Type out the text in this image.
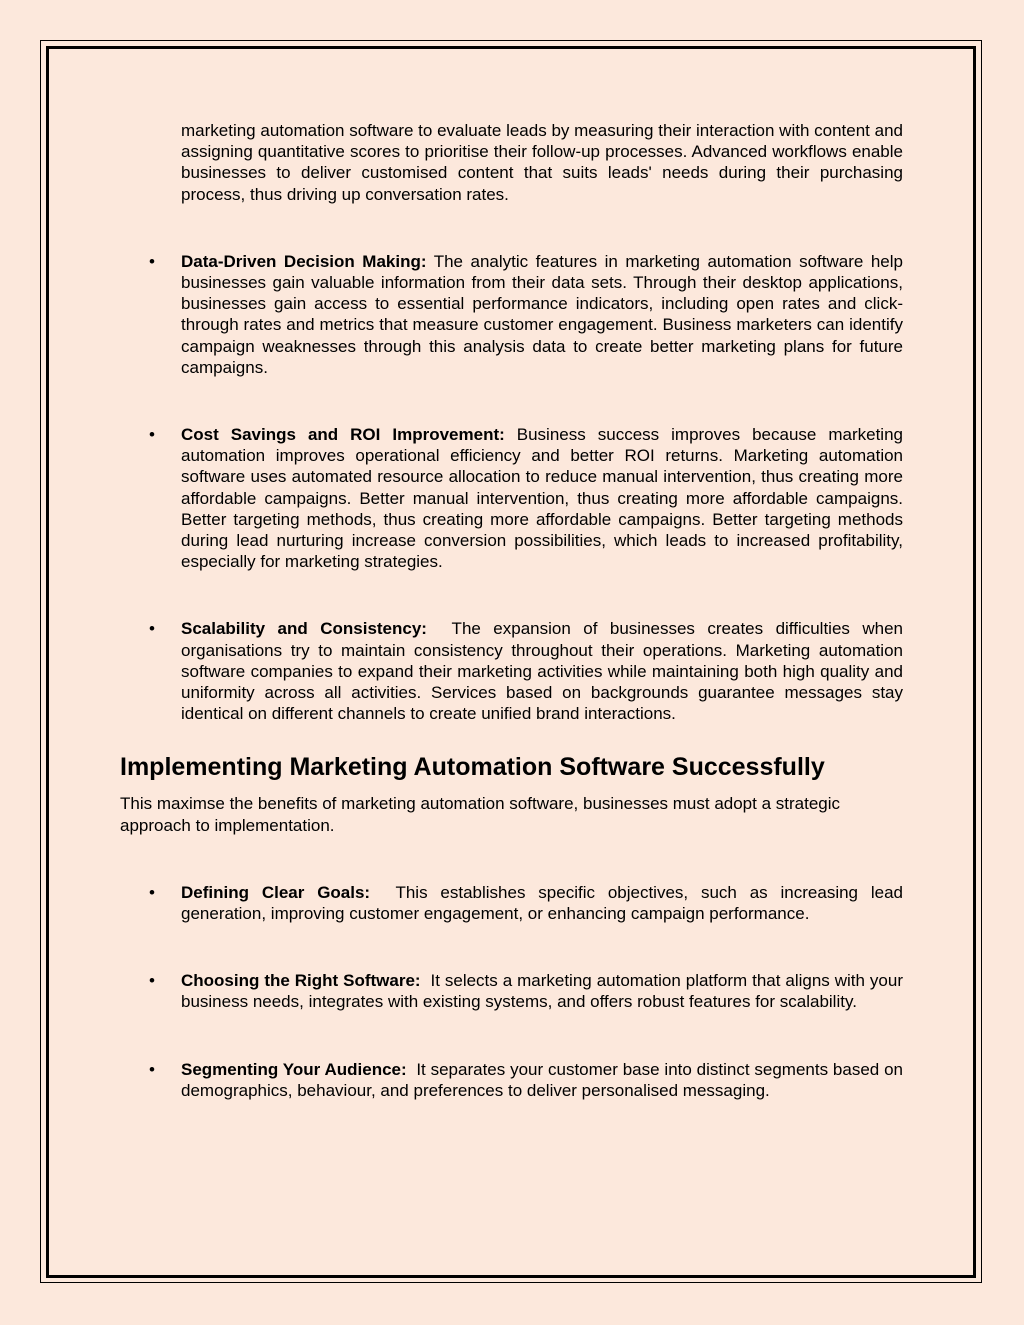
marketing automation software to evaluate leads by measuring their interaction with content and assigning quantitative scores to prioritise their follow-up processes. Advanced workflows enable businesses to deliver customised content that suits leads' needs during their purchasing process, thus driving up conversation rates.

• Data-Driven Decision Making: The analytic features in marketing automation software help businesses gain valuable information from their data sets. Through their desktop applications, businesses gain access to essential performance indicators, including open rates and click-through rates and metrics that measure customer engagement. Business marketers can identify campaign weaknesses through this analysis data to create better marketing plans for future campaigns.

• Cost Savings and ROI Improvement: Business success improves because marketing automation improves operational efficiency and better ROI returns. Marketing automation software uses automated resource allocation to reduce manual intervention, thus creating more affordable campaigns. Better manual intervention, thus creating more affordable campaigns. Better targeting methods, thus creating more affordable campaigns. Better targeting methods during lead nurturing increase conversion possibilities, which leads to increased profitability, especially for marketing strategies.

• Scalability and Consistency:  The expansion of businesses creates difficulties when organisations try to maintain consistency throughout their operations. Marketing automation software companies to expand their marketing activities while maintaining both high quality and uniformity across all activities. Services based on backgrounds guarantee messages stay identical on different channels to create unified brand interactions.

Implementing Marketing Automation Software Successfully

This maximse the benefits of marketing automation software, businesses must adopt a strategic approach to implementation.

• Defining Clear Goals:  This establishes specific objectives, such as increasing lead generation, improving customer engagement, or enhancing campaign performance.

• Choosing the Right Software:  It selects a marketing automation platform that aligns with your business needs, integrates with existing systems, and offers robust features for scalability.

• Segmenting Your Audience:  It separates your customer base into distinct segments based on demographics, behaviour, and preferences to deliver personalised messaging.
